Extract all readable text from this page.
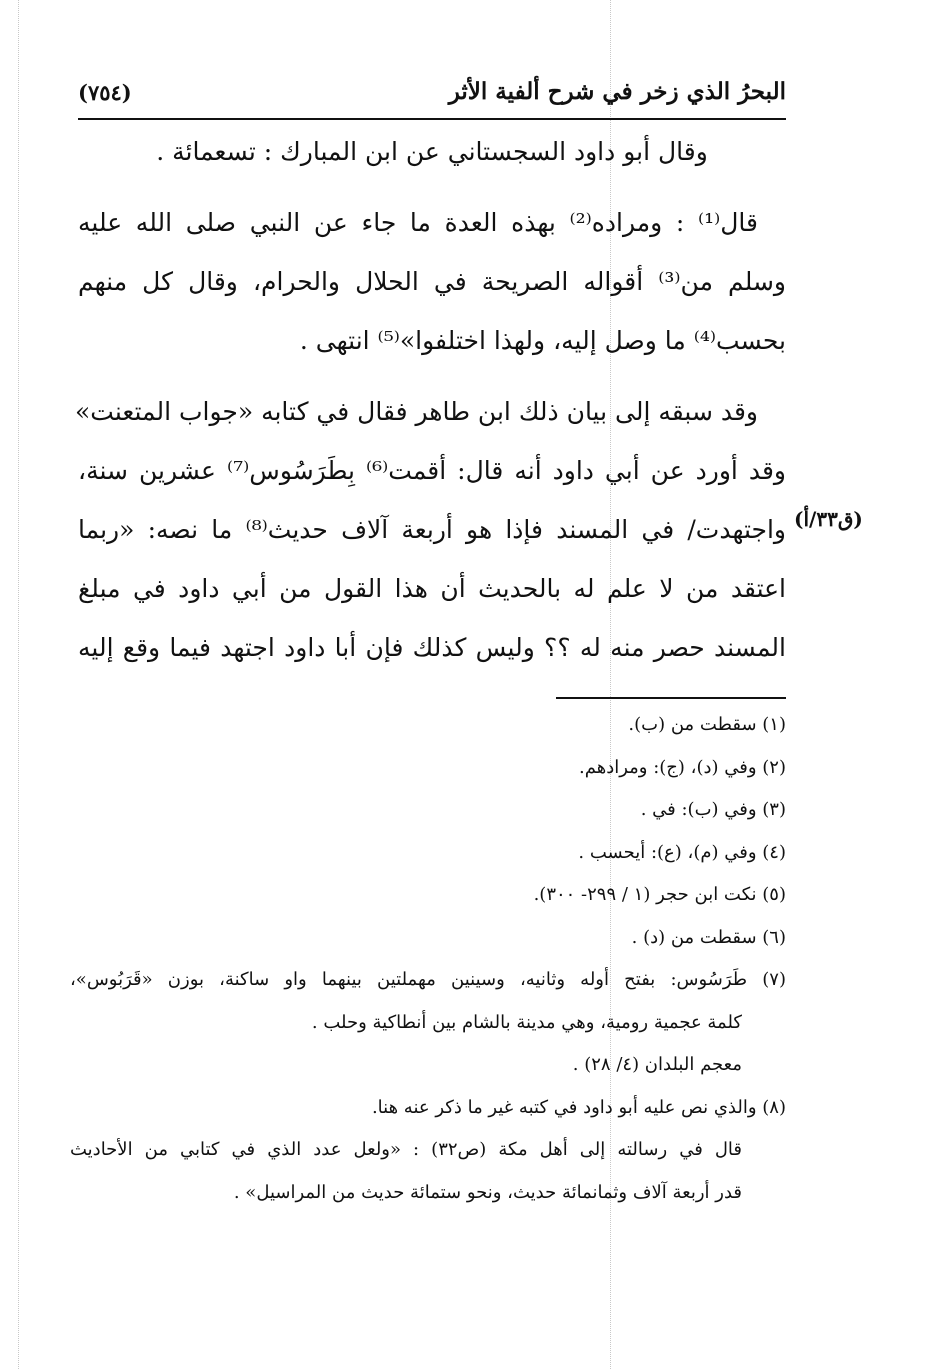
البحرُ الذي زخر في شرح ألفية الأثر
(٧٥٤)
وقال أبو داود السجستاني عن ابن المبارك : تسعمائة .
قال⁽¹⁾ : ومراده⁽²⁾ بهذه العدة ما جاء عن النبي صلى الله عليه
وسلم من⁽³⁾ أقواله الصريحة في الحلال والحرام، وقال كل منهم
بحسب⁽⁴⁾ ما وصل إليه، ولهذا اختلفوا»⁽⁵⁾ انتهى .
وقد سبقه إلى بيان ذلك ابن طاهر فقال في كتابه «جواب المتعنت»
وقد أورد عن أبي داود أنه قال: أقمت⁽⁶⁾ بِطَرَسُوس⁽⁷⁾ عشرين سنة،
واجتهدت/ في المسند فإذا هو أربعة آلاف حديث⁽⁸⁾ ما نصه: «ربما
اعتقد من لا علم له بالحديث أن هذا القول من أبي داود في مبلغ
المسند حصر منه له ؟؟ وليس كذلك فإن أبا داود اجتهد فيما وقع إليه
(ق٣٣/أ)
(١) سقطت من (ب).
(٢) وفي (د)، (ج): ومرادهم.
(٣) وفي (ب): في .
(٤) وفي (م)، (ع): أيحسب .
(٥) نكت ابن حجر (١ / ٢٩٩- ٣٠٠).
(٦) سقطت من (د) .
(٧) طَرَسُوس: بفتح أوله وثانيه، وسينين مهملتين بينهما واو ساكنة، بوزن «قَرَبُوس»،
كلمة عجمية رومية، وهي مدينة بالشام بين أنطاكية وحلب .
معجم البلدان (٤/ ٢٨) .
(٨) والذي نص عليه أبو داود في كتبه غير ما ذكر عنه هنا.
قال في رسالته إلى أهل مكة (ص٣٢) : «ولعل عدد الذي في كتابي من الأحاديث
قدر أربعة آلاف وثمانمائة حديث، ونحو ستمائة حديث من المراسيل» .
